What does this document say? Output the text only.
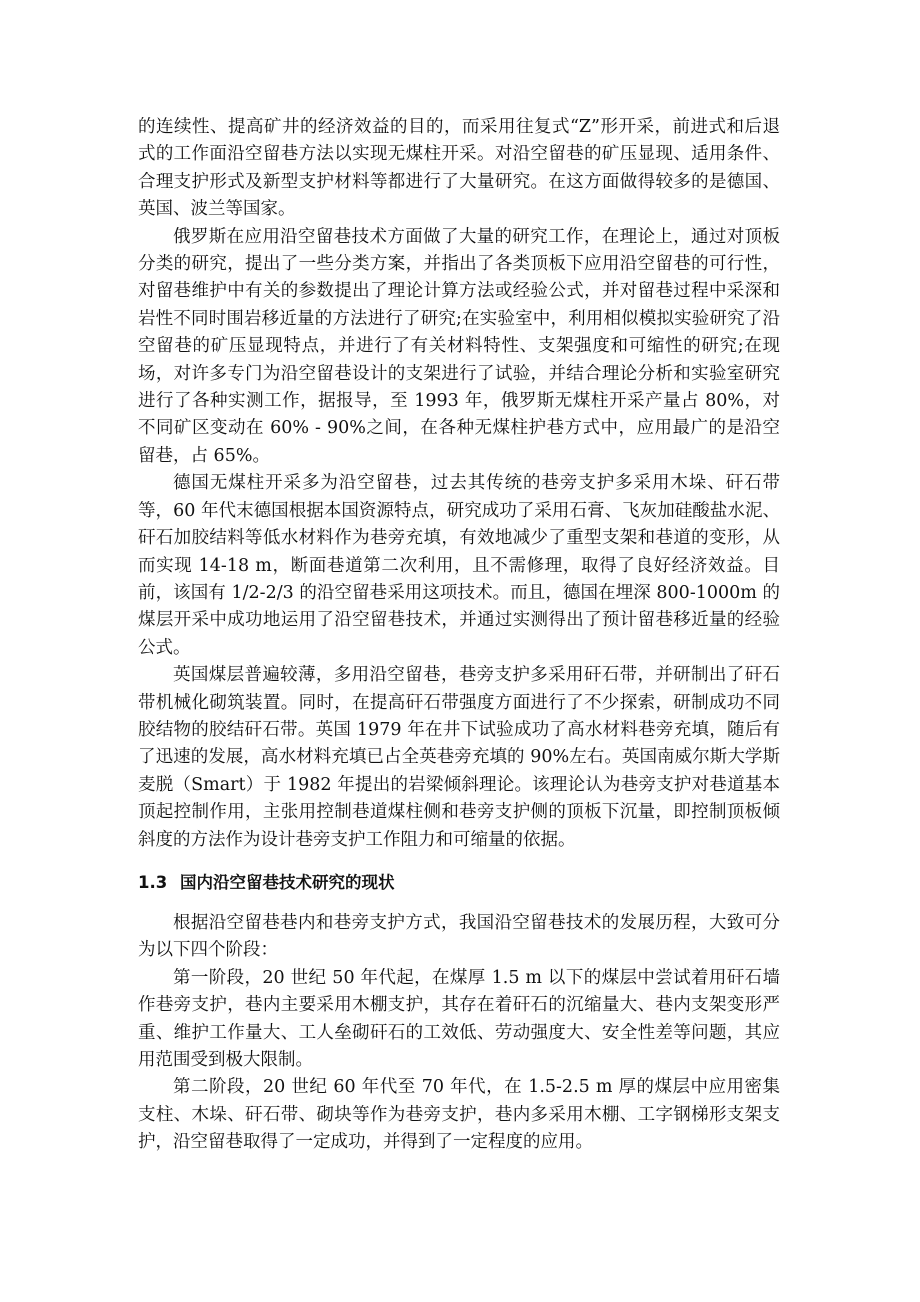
的连续性、提高矿井的经济效益的目的，而采用往复式“Z”形开采，前进式和后退式的工作面沿空留巷方法以实现无煤柱开采。对沿空留巷的矿压显现、适用条件、合理支护形式及新型支护材料等都进行了大量研究。在这方面做得较多的是德国、英国、波兰等国家。

俄罗斯在应用沿空留巷技术方面做了大量的研究工作，在理论上，通过对顶板分类的研究，提出了一些分类方案，并指出了各类顶板下应用沿空留巷的可行性，对留巷维护中有关的参数提出了理论计算方法或经验公式，并对留巷过程中采深和岩性不同时围岩移近量的方法进行了研究;在实验室中，利用相似模拟实验研究了沿空留巷的矿压显现特点，并进行了有关材料特性、支架强度和可缩性的研究;在现场，对许多专门为沿空留巷设计的支架进行了试验，并结合理论分析和实验室研究进行了各种实测工作，据报导，至 1993 年，俄罗斯无煤柱开采产量占 80%，对不同矿区变动在 60% - 90%之间，在各种无煤柱护巷方式中，应用最广的是沿空留巷，占 65%。

德国无煤柱开采多为沿空留巷，过去其传统的巷旁支护多采用木垛、矸石带等，60 年代末德国根据本国资源特点，研究成功了采用石膏、飞灰加硅酸盐水泥、矸石加胶结料等低水材料作为巷旁充填，有效地减少了重型支架和巷道的变形，从而实现 14-18 m，断面巷道第二次利用，且不需修理，取得了良好经济效益。目前，该国有 1/2-2/3 的沿空留巷采用这项技术。而且，德国在埋深 800-1000m 的煤层开采中成功地运用了沿空留巷技术，并通过实测得出了预计留巷移近量的经验公式。

英国煤层普遍较薄，多用沿空留巷，巷旁支护多采用矸石带，并研制出了矸石带机械化砌筑装置。同时，在提高矸石带强度方面进行了不少探索，研制成功不同胶结物的胶结矸石带。英国 1979 年在井下试验成功了高水材料巷旁充填，随后有了迅速的发展，高水材料充填已占全英巷旁充填的 90%左右。英国南威尔斯大学斯麦脱（Smart）于 1982 年提出的岩梁倾斜理论。该理论认为巷旁支护对巷道基本顶起控制作用，主张用控制巷道煤柱侧和巷旁支护侧的顶板下沉量，即控制顶板倾斜度的方法作为设计巷旁支护工作阻力和可缩量的依据。

1.3 国内沿空留巷技术研究的现状

根据沿空留巷巷内和巷旁支护方式，我国沿空留巷技术的发展历程，大致可分为以下四个阶段：

第一阶段，20 世纪 50 年代起，在煤厚 1.5 m 以下的煤层中尝试着用矸石墙作巷旁支护，巷内主要采用木棚支护，其存在着矸石的沉缩量大、巷内支架变形严重、维护工作量大、工人垒砌矸石的工效低、劳动强度大、安全性差等问题，其应用范围受到极大限制。

第二阶段，20 世纪 60 年代至 70 年代，在 1.5-2.5 m 厚的煤层中应用密集支柱、木垛、矸石带、砌块等作为巷旁支护，巷内多采用木棚、工字钢梯形支架支护，沿空留巷取得了一定成功，并得到了一定程度的应用。
